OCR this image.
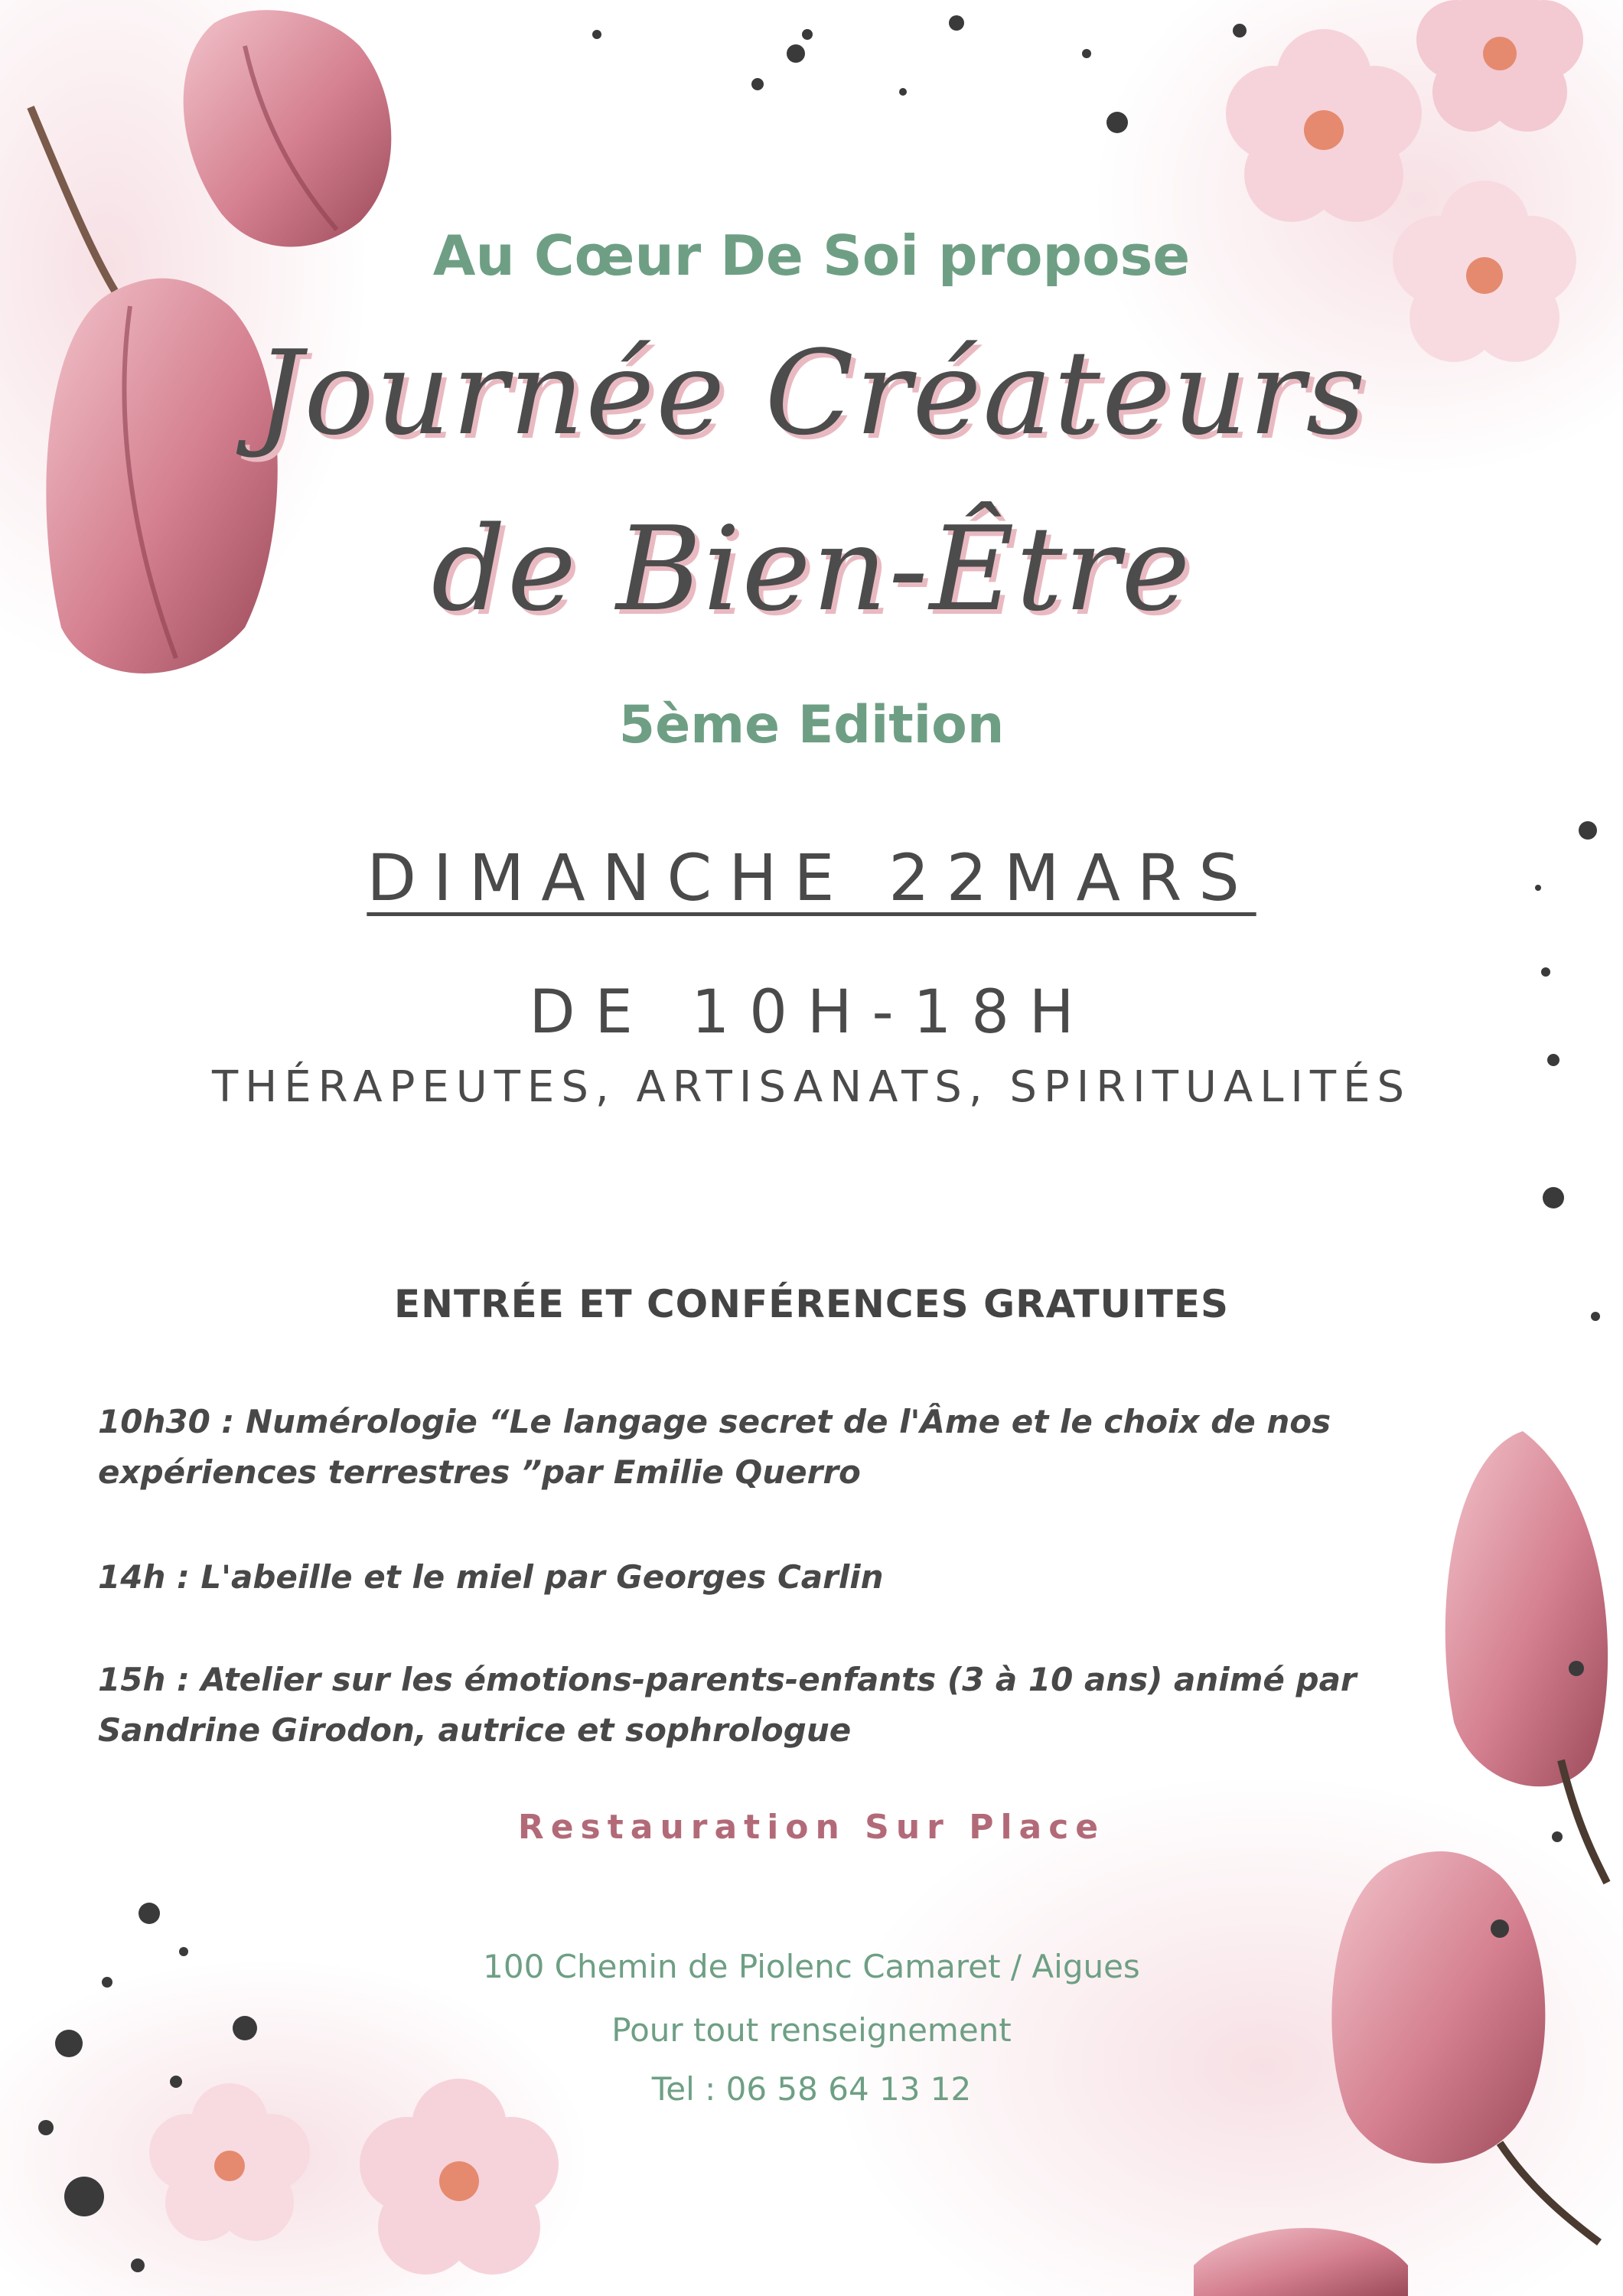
Au Cœur De Soi propose
Journée Créateurs
de Bien-Être
5ème Edition
DIMANCHE 22MARS
DE 10H-18H
THÉRAPEUTES, ARTISANATS, SPIRITUALITÉS
ENTRÉE ET CONFÉRENCES GRATUITES
10h30 : Numérologie “Le langage secret de l'Âme et le choix de nos expériences terrestres ”par Emilie Querro
14h : L'abeille et le miel par Georges Carlin
15h : Atelier sur les émotions-parents-enfants (3 à 10 ans) animé par Sandrine Girodon, autrice et sophrologue
Restauration Sur Place
100 Chemin de Piolenc Camaret / Aigues
Pour tout renseignement
Tel : 06 58 64 13 12
